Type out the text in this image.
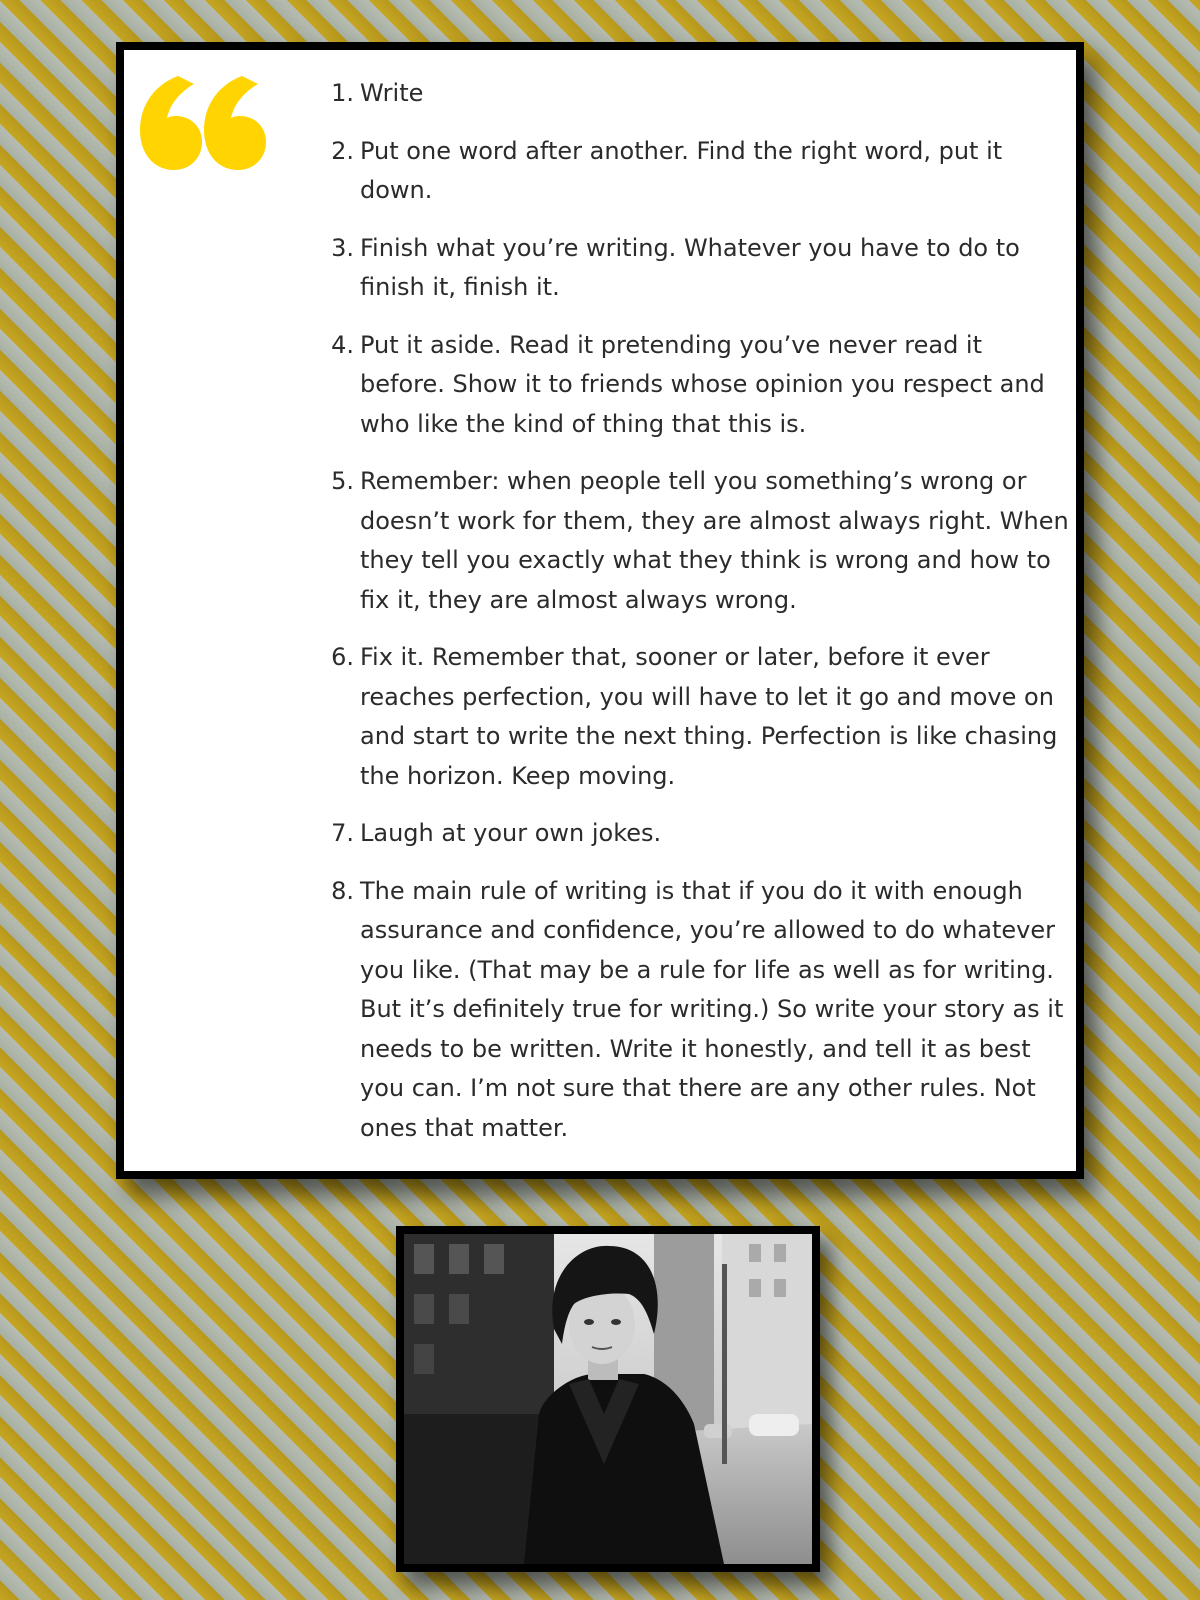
1. Write
2. Put one word after another. Find the right word, put it down.
3. Finish what you’re writing. Whatever you have to do to finish it, finish it.
4. Put it aside. Read it pretending you’ve never read it before. Show it to friends whose opinion you respect and who like the kind of thing that this is.
5. Remember: when people tell you something’s wrong or doesn’t work for them, they are almost always right. When they tell you exactly what they think is wrong and how to fix it, they are almost always wrong.
6. Fix it. Remember that, sooner or later, before it ever reaches perfection, you will have to let it go and move on and start to write the next thing. Perfection is like chasing the horizon. Keep moving.
7. Laugh at your own jokes.
8. The main rule of writing is that if you do it with enough assurance and confidence, you’re allowed to do whatever you like. (That may be a rule for life as well as for writing. But it’s definitely true for writing.) So write your story as it needs to be written. Write it honestly, and tell it as best you can. I’m not sure that there are any other rules. Not ones that matter.
